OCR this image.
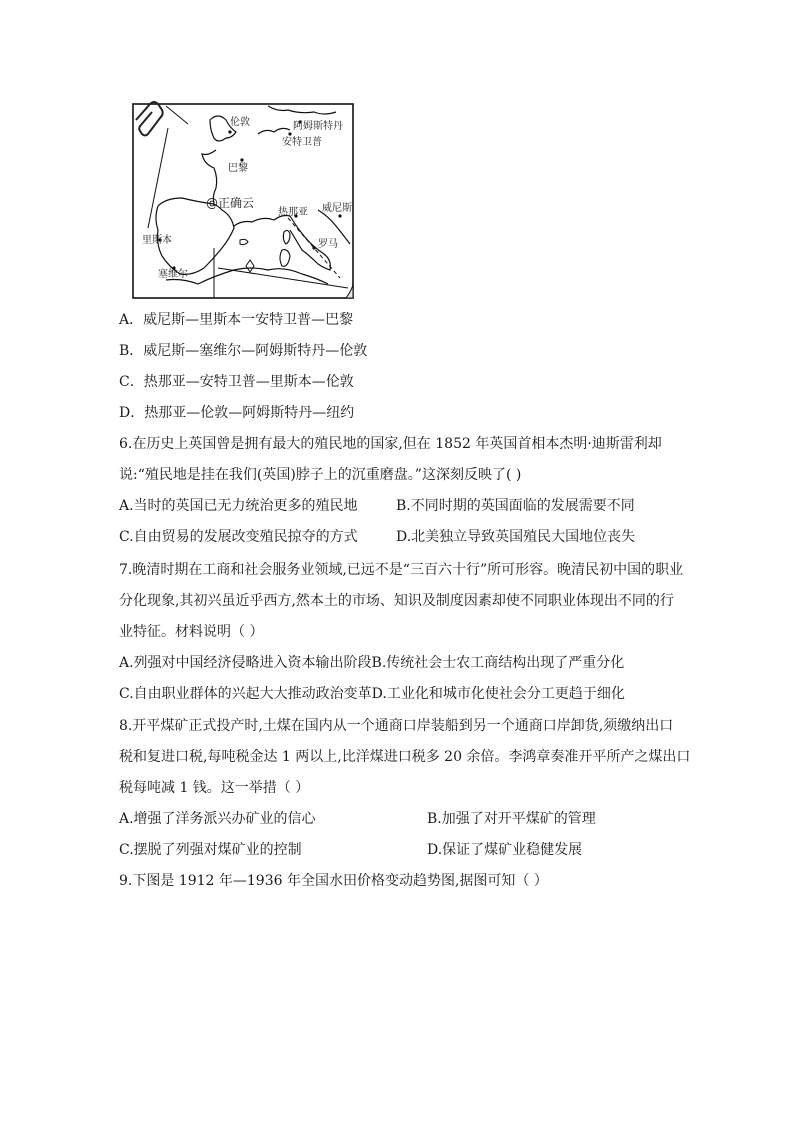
伦敦	阿姆斯特丹
安特卫普
巴黎
@正确云
热那亚 威尼斯
里斯本	罗马
塞维尔
A．威尼斯—里斯本一安特卫普—巴黎
B．威尼斯—塞维尔—阿姆斯特丹—伦敦
C．热那亚—安特卫普—里斯本—伦敦
D．热那亚—伦敦—阿姆斯特丹—纽约
6.在历史上英国曾是拥有最大的殖民地的国家,但在 1852 年英国首相本杰明·迪斯雷利却
说:“殖民地是挂在我们(英国)脖子上的沉重磨盘。”这深刻反映了( )
A.当时的英国已无力统治更多的殖民地	B.不同时期的英国面临的发展需要不同
C.自由贸易的发展改变殖民掠夺的方式	D.北美独立导致英国殖民大国地位丧失
7.晚清时期在工商和社会服务业领域,已远不是“三百六十行”所可形容。晚清民初中国的职业
分化现象,其初兴虽近乎西方,然本土的市场、知识及制度因素却使不同职业体现出不同的行
业特征。材料说明（ ）
A.列强对中国经济侵略进入资本输出阶段B.传统社会士农工商结构出现了严重分化
C.自由职业群体的兴起大大推动政治变革D.工业化和城市化使社会分工更趋于细化
8.开平煤矿正式投产时,土煤在国内从一个通商口岸装船到另一个通商口岸卸货,须缴纳出口
税和复进口税,每吨税金达 1 两以上,比洋煤进口税多 20 余倍。李鸿章奏准开平所产之煤出口
税每吨减 1 钱。这一举措（ ）
A.增强了洋务派兴办矿业的信心	B.加强了对开平煤矿的管理
C.摆脱了列强对煤矿业的控制	D.保证了煤矿业稳健发展
9.下图是 1912 年—1936 年全国水田价格变动趋势图,据图可知（ ）
